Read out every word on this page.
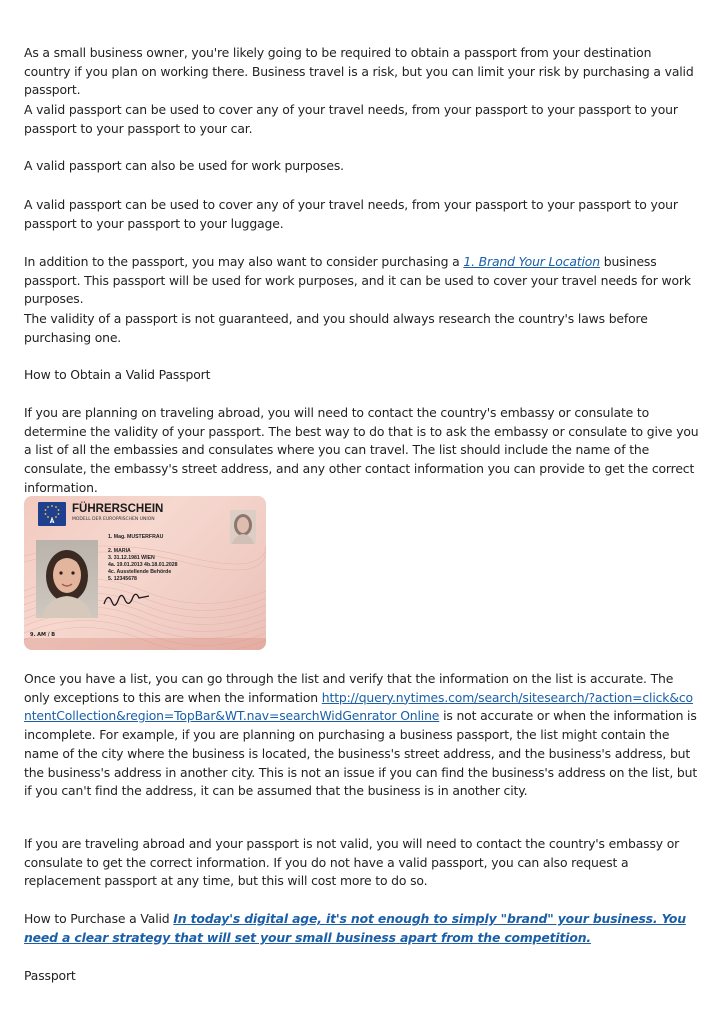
As a small business owner, you're likely going to be required to obtain a passport from your destination country if you plan on working there. Business travel is a risk, but you can limit your risk by purchasing a valid passport.

A valid passport can be used to cover any of your travel needs, from your passport to your passport to your passport to your passport to your car.

A valid passport can also be used for work purposes.

A valid passport can be used to cover any of your travel needs, from your passport to your passport to your passport to your passport to your luggage.

In addition to the passport, you may also want to consider purchasing a 1. Brand Your Location business passport. This passport will be used for work purposes, and it can be used to cover your travel needs for work purposes.

The validity of a passport is not guaranteed, and you should always research the country's laws before purchasing one.

How to Obtain a Valid Passport

If you are planning on traveling abroad, you will need to contact the country's embassy or consulate to determine the validity of your passport. The best way to do that is to ask the embassy or consulate to give you a list of all the embassies and consulates where you can travel. The list should include the name of the consulate, the embassy's street address, and any other contact information you can provide to get the correct information.

A
FÜHRERSCHEIN
MODELL DER EUROPÄISCHEN UNION
1. Mag. MUSTERFRAU
2. MARIA
3. 31.12.1981 WIEN
4a. 19.01.2013 4b.18.01.2028
4c. Ausstellende Behörde
5. 12345678
9. AM / B

Once you have a list, you can go through the list and verify that the information on the list is accurate. The only exceptions to this are when the information http://query.nytimes.com/search/sitesearch/?action=click&contentCollection&region=TopBar&WT.nav=searchWidGenrator Online is not accurate or when the information is incomplete. For example, if you are planning on purchasing a business passport, the list might contain the name of the city where the business is located, the business's street address, and the business's address, but the business's address in another city. This is not an issue if you can find the business's address on the list, but if you can't find the address, it can be assumed that the business is in another city.

If you are traveling abroad and your passport is not valid, you will need to contact the country's embassy or consulate to get the correct information. If you do not have a valid passport, you can also request a replacement passport at any time, but this will cost more to do so.

How to Purchase a Valid In today's digital age, it's not enough to simply "brand" your business. You need a clear strategy that will set your small business apart from the competition.

Passport
